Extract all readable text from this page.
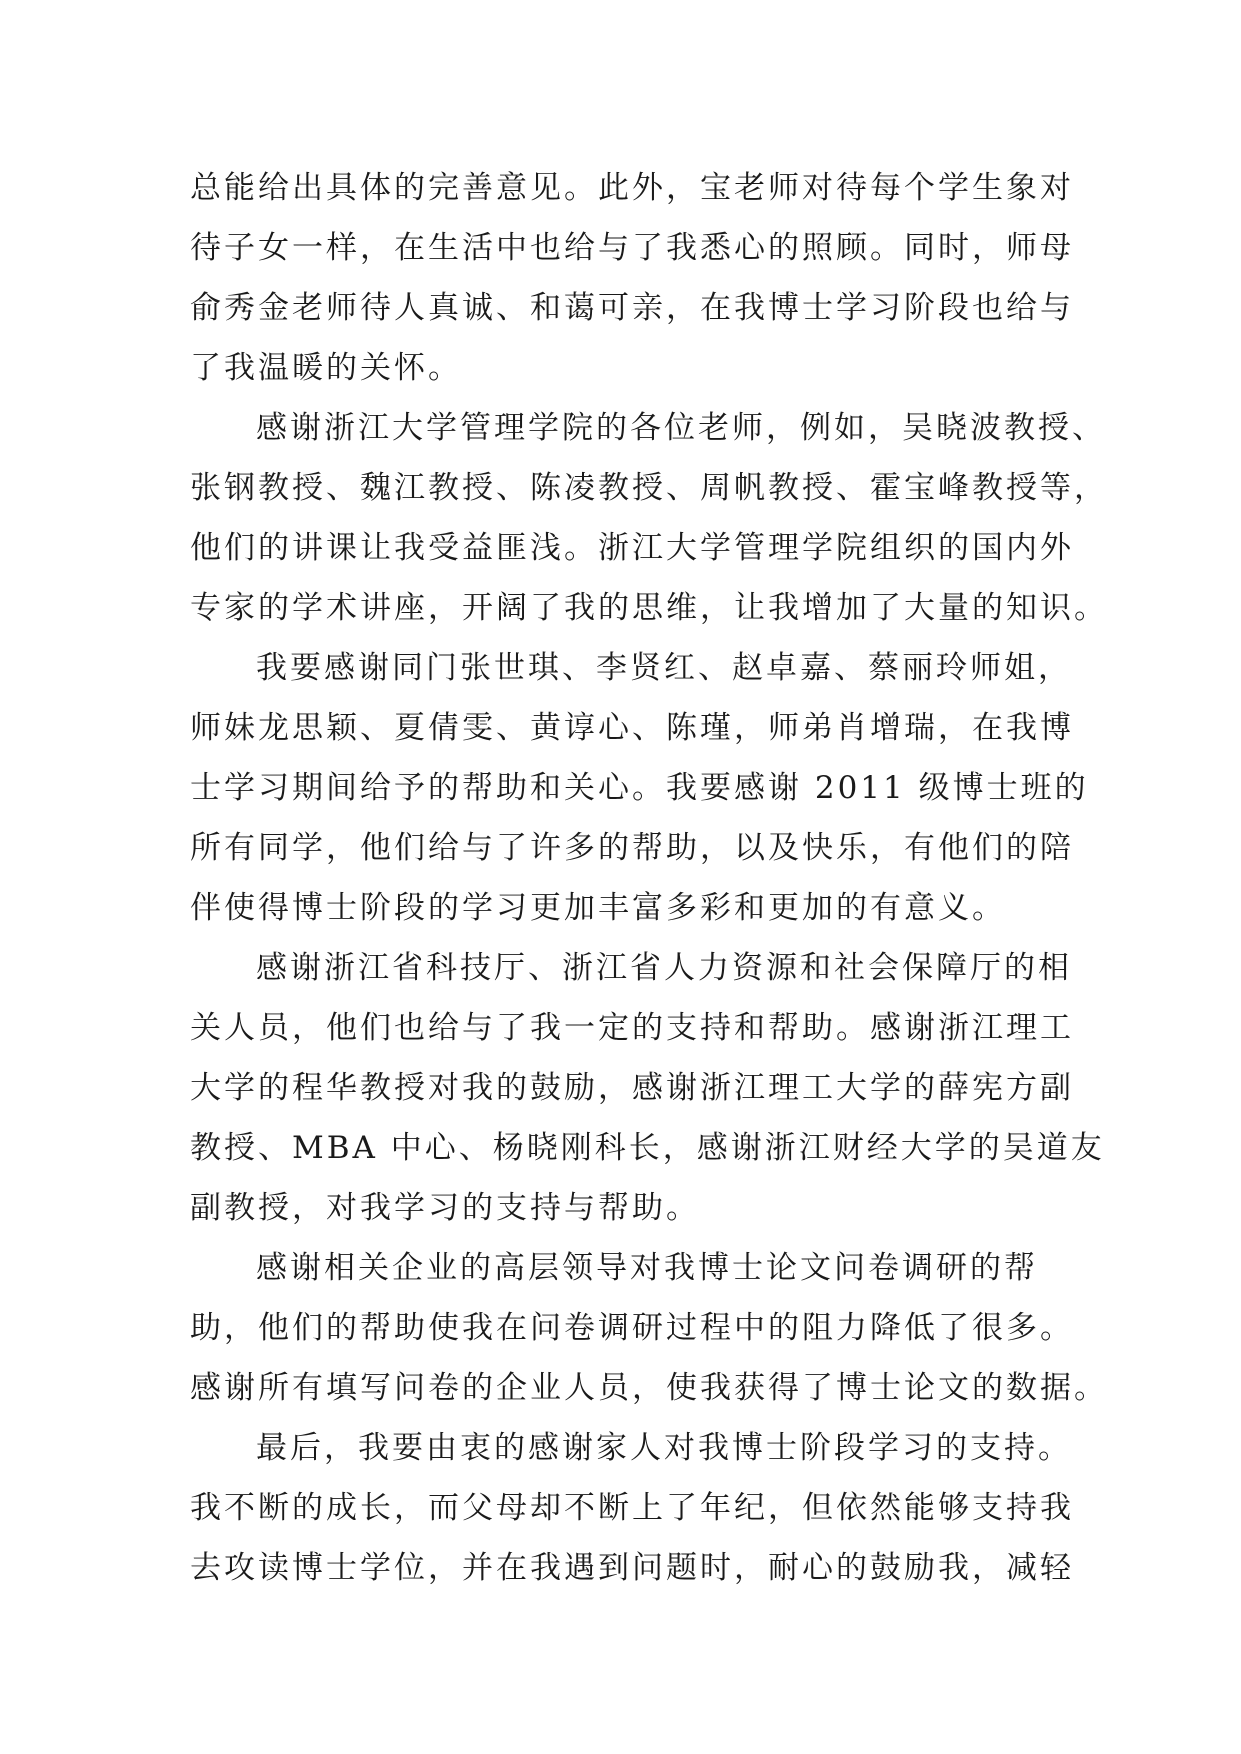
总能给出具体的完善意见。此外，宝老师对待每个学生象对
待子女一样，在生活中也给与了我悉心的照顾。同时，师母
俞秀金老师待人真诚、和蔼可亲，在我博士学习阶段也给与
了我温暖的关怀。
感谢浙江大学管理学院的各位老师，例如，吴晓波教授、
张钢教授、魏江教授、陈凌教授、周帆教授、霍宝峰教授等，
他们的讲课让我受益匪浅。浙江大学管理学院组织的国内外
专家的学术讲座，开阔了我的思维，让我增加了大量的知识。
我要感谢同门张世琪、李贤红、赵卓嘉、蔡丽玲师姐，
师妹龙思颖、夏倩雯、黄谆心、陈瑾，师弟肖增瑞，在我博
士学习期间给予的帮助和关心。我要感谢 2011 级博士班的
所有同学，他们给与了许多的帮助，以及快乐，有他们的陪
伴使得博士阶段的学习更加丰富多彩和更加的有意义。
感谢浙江省科技厅、浙江省人力资源和社会保障厅的相
关人员，他们也给与了我一定的支持和帮助。感谢浙江理工
大学的程华教授对我的鼓励，感谢浙江理工大学的薛宪方副
教授、MBA 中心、杨晓刚科长，感谢浙江财经大学的吴道友
副教授，对我学习的支持与帮助。
感谢相关企业的高层领导对我博士论文问卷调研的帮
助，他们的帮助使我在问卷调研过程中的阻力降低了很多。
感谢所有填写问卷的企业人员，使我获得了博士论文的数据。
最后，我要由衷的感谢家人对我博士阶段学习的支持。
我不断的成长，而父母却不断上了年纪，但依然能够支持我
去攻读博士学位，并在我遇到问题时，耐心的鼓励我，减轻
